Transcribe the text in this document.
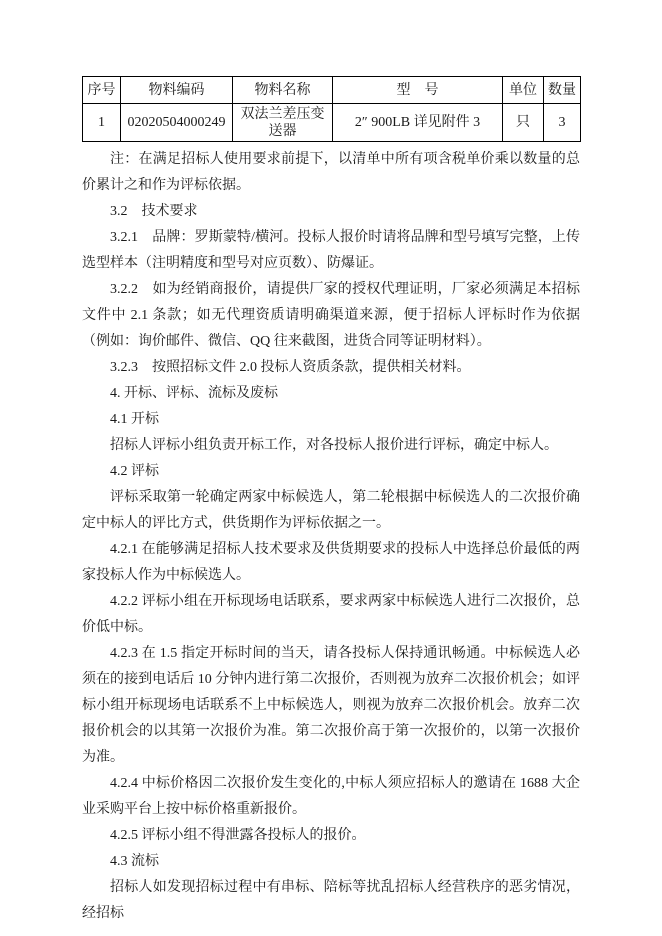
序号	物料编码	物料名称	型　号	单位	数量
1	02020504000249	双法兰差压变送器	2″ 900LB 详见附件 3	只	3

注：在满足招标人使用要求前提下，以清单中所有项含税单价乘以数量的总价累计之和作为评标依据。

3.2　技术要求

3.2.1　品牌：罗斯蒙特/横河。投标人报价时请将品牌和型号填写完整，上传选型样本（注明精度和型号对应页数）、防爆证。

3.2.2　如为经销商报价，请提供厂家的授权代理证明，厂家必须满足本招标文件中 2.1 条款；如无代理资质请明确渠道来源，便于招标人评标时作为依据（例如：询价邮件、微信、QQ 往来截图，进货合同等证明材料）。

3.2.3　按照招标文件 2.0 投标人资质条款，提供相关材料。

4. 开标、评标、流标及废标

4.1 开标

招标人评标小组负责开标工作，对各投标人报价进行评标，确定中标人。

4.2 评标

评标采取第一轮确定两家中标候选人，第二轮根据中标候选人的二次报价确定中标人的评比方式，供货期作为评标依据之一。

4.2.1 在能够满足招标人技术要求及供货期要求的投标人中选择总价最低的两家投标人作为中标候选人。

4.2.2 评标小组在开标现场电话联系，要求两家中标候选人进行二次报价，总价低中标。

4.2.3 在 1.5 指定开标时间的当天，请各投标人保持通讯畅通。中标候选人必须在的接到电话后 10 分钟内进行第二次报价，否则视为放弃二次报价机会；如评标小组开标现场电话联系不上中标候选人，则视为放弃二次报价机会。放弃二次报价机会的以其第一次报价为准。第二次报价高于第一次报价的，以第一次报价为准。

4.2.4 中标价格因二次报价发生变化的,中标人须应招标人的邀请在 1688 大企业采购平台上按中标价格重新报价。

4.2.5 评标小组不得泄露各投标人的报价。

4.3 流标

招标人如发现招标过程中有串标、陪标等扰乱招标人经营秩序的恶劣情况，经招标
